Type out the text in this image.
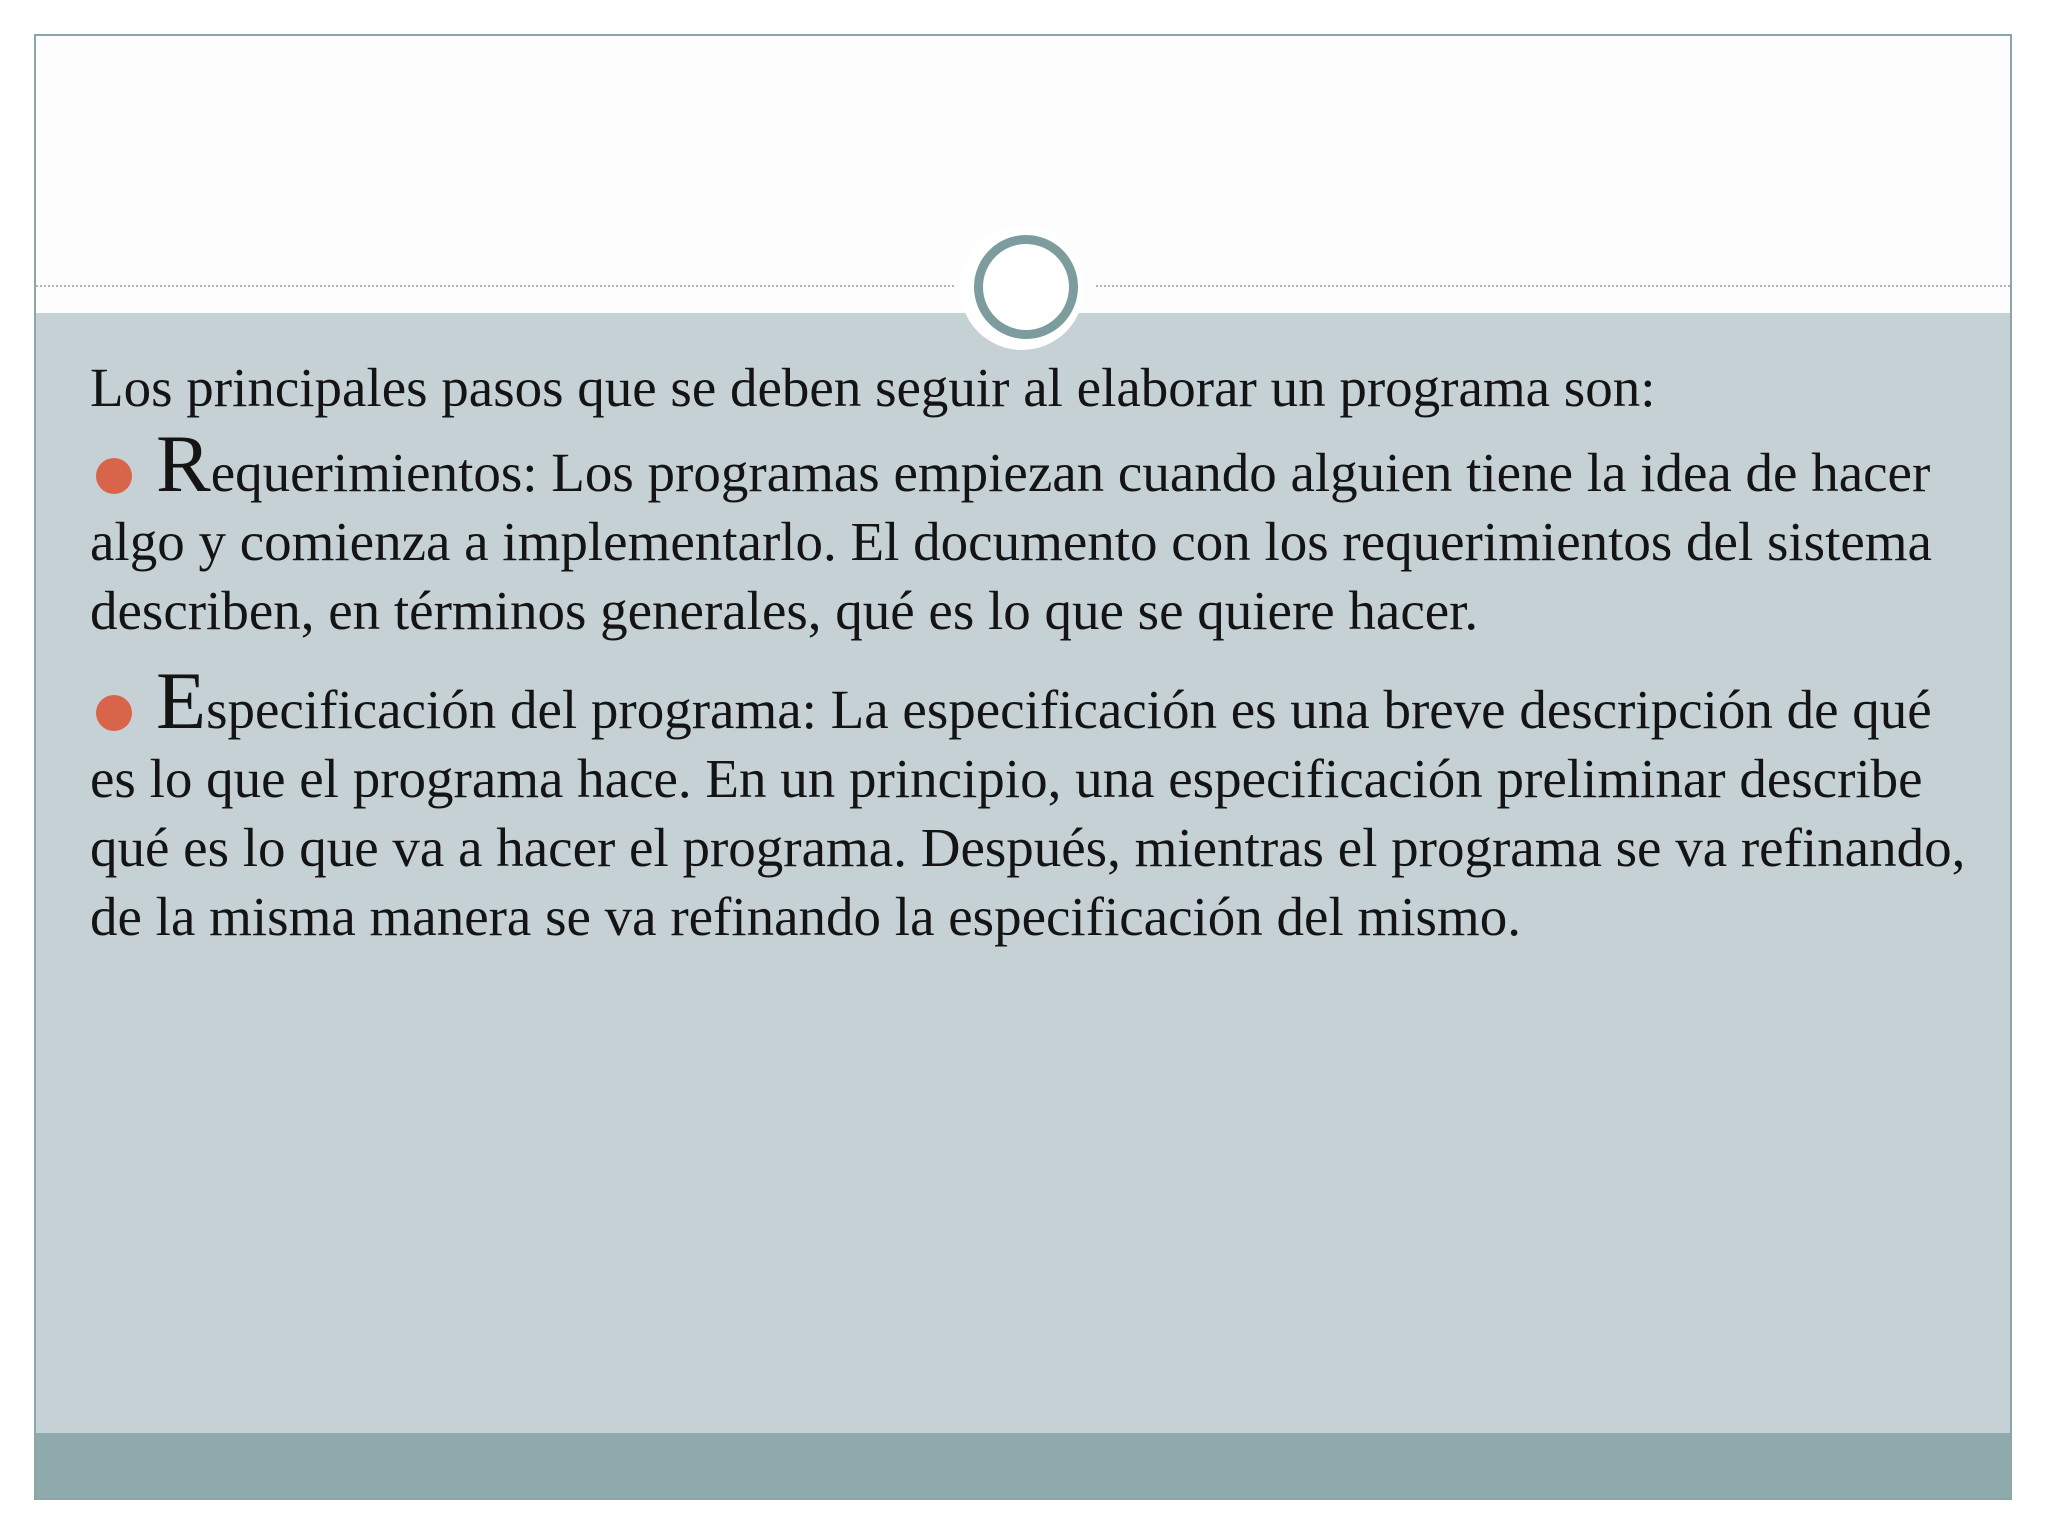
Los principales pasos que se deben seguir al elaborar un programa son:
Requerimientos: Los programas empiezan cuando alguien tiene la idea de hacer algo y comienza a implementarlo. El documento con los requerimientos del sistema describen, en términos generales, qué es lo que se quiere hacer.
Especificación del programa: La especificación es una breve descripción de qué es lo que el programa hace. En un principio, una especificación preliminar describe qué es lo que va a hacer el programa. Después, mientras el programa se va refinando, de la misma manera se va refinando la especificación del mismo.
